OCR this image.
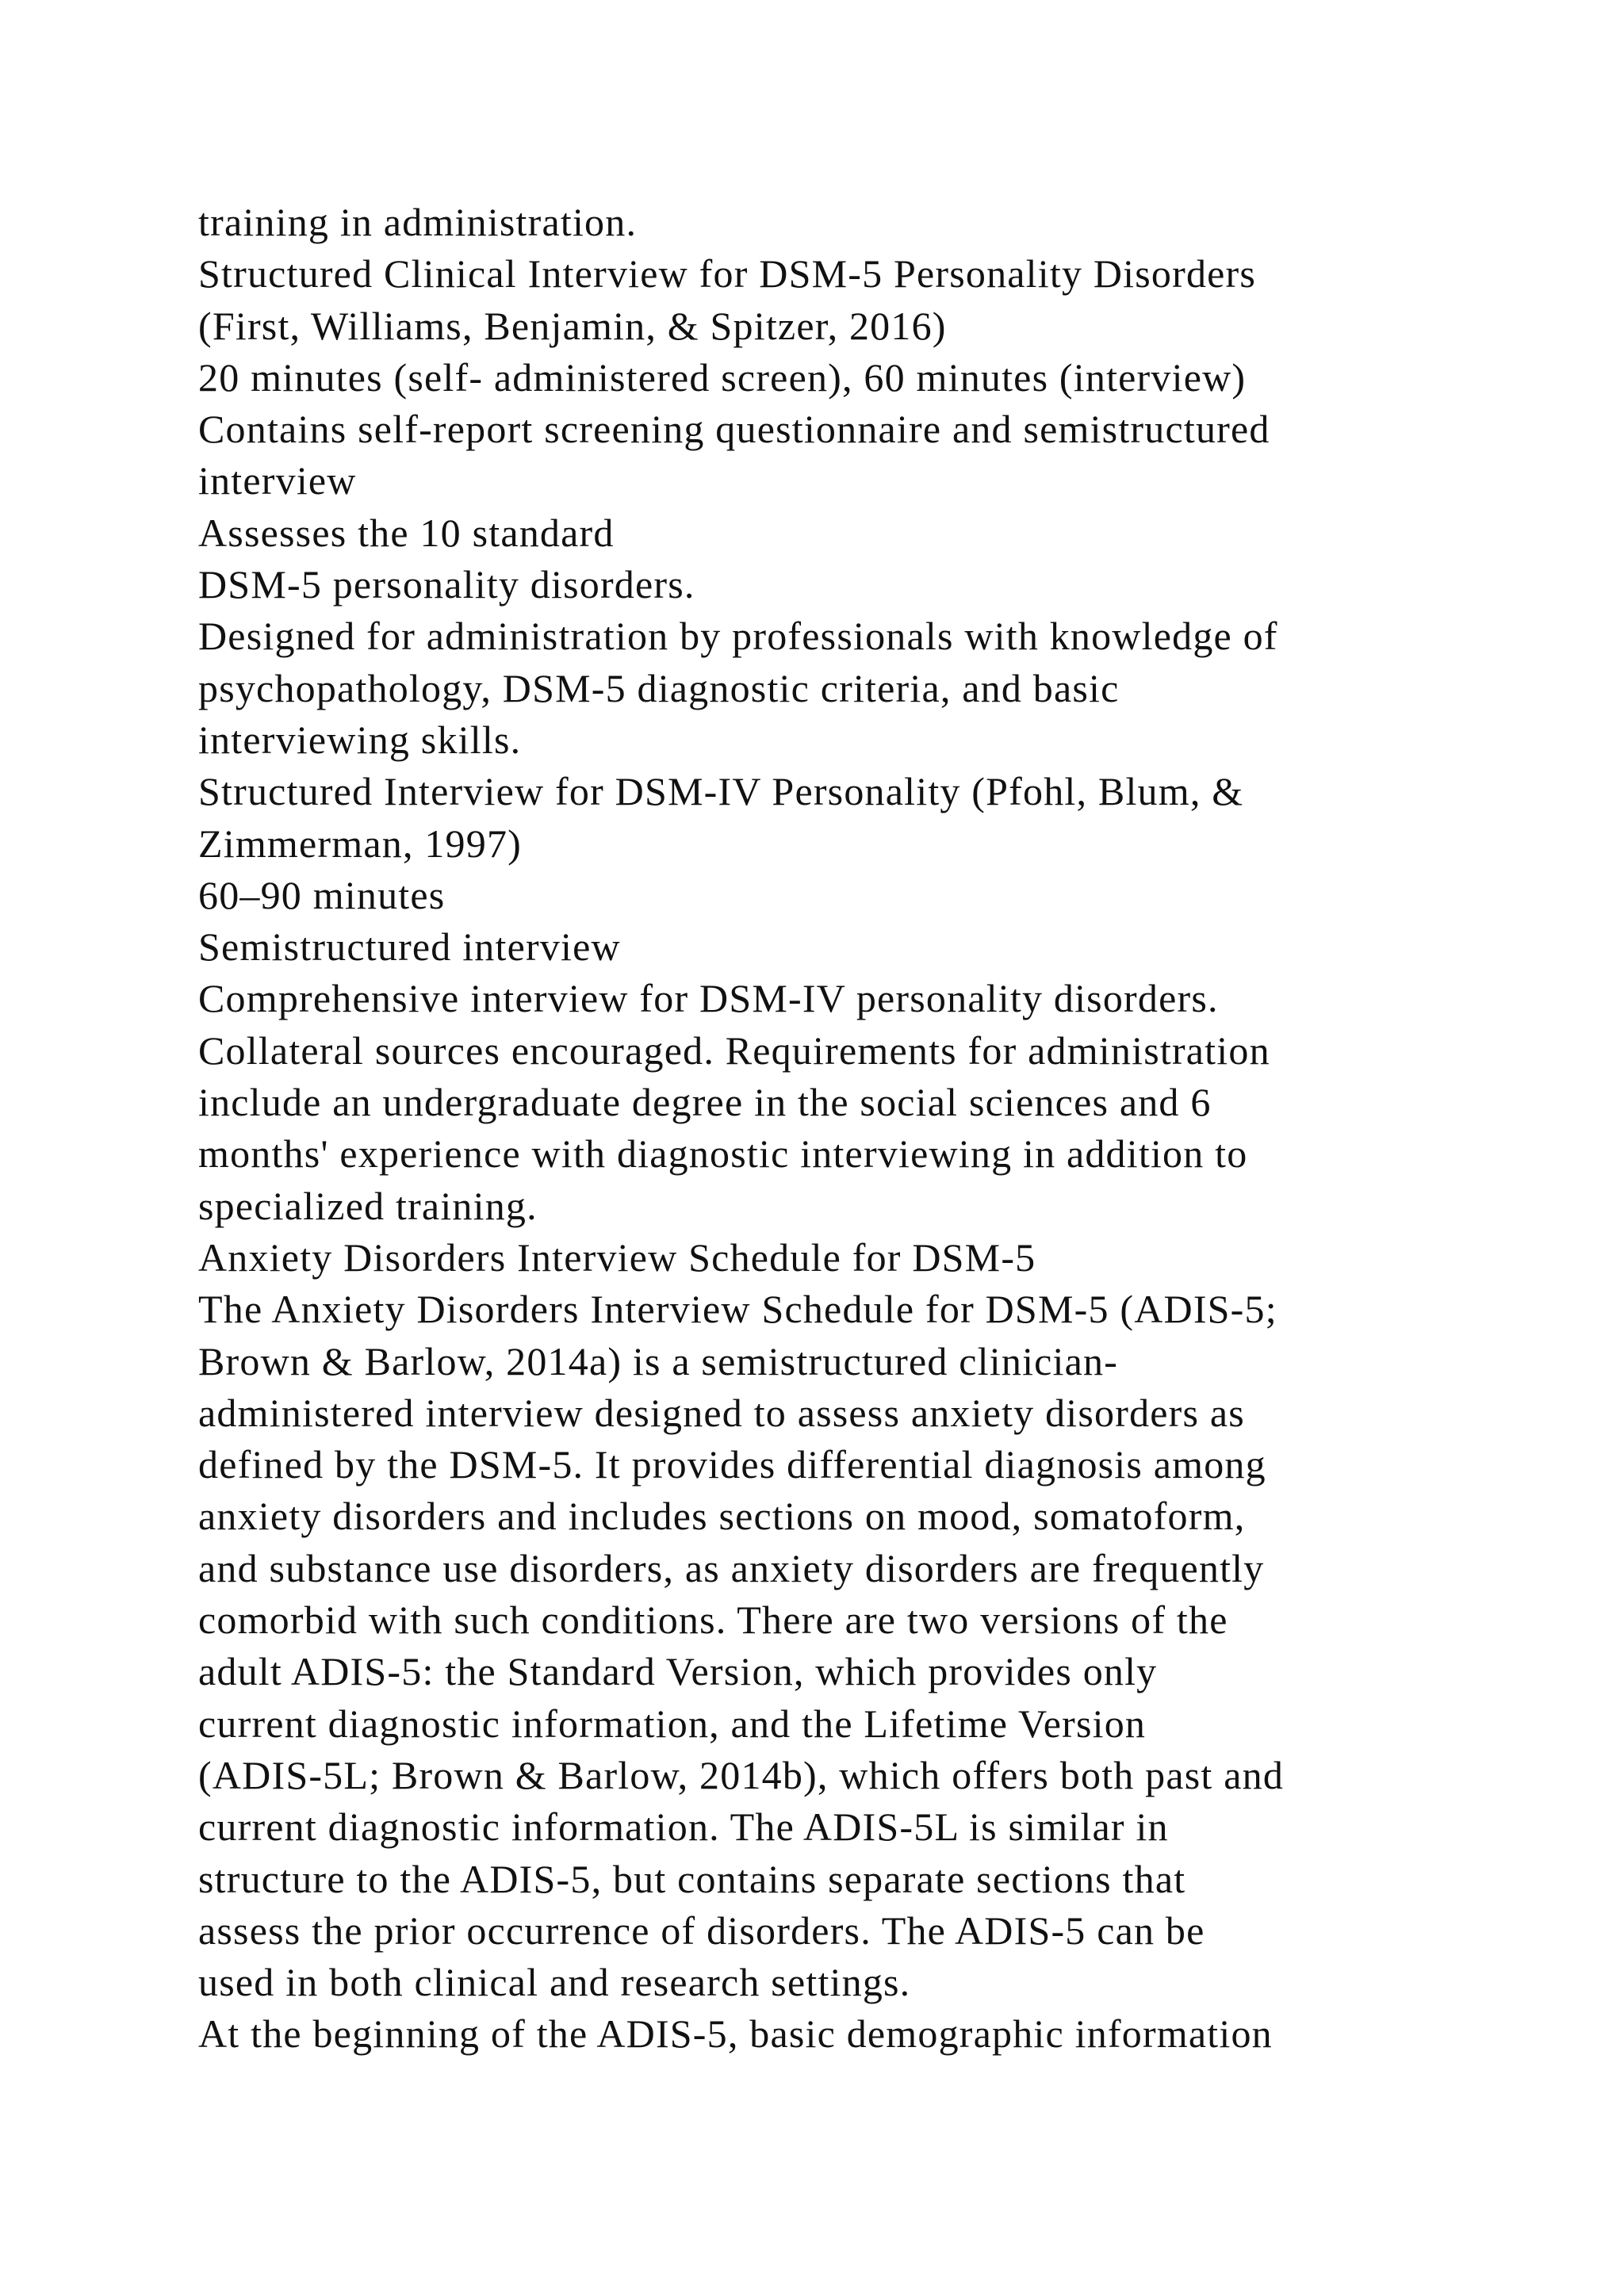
training in administration.
Structured Clinical Interview for DSM-5 Personality Disorders
(First, Williams, Benjamin, & Spitzer, 2016)
20 minutes (self- administered screen), 60 minutes (interview)
Contains self-report screening questionnaire and semistructured
interview
Assesses the 10 standard
DSM-5 personality disorders.
Designed for administration by professionals with knowledge of
psychopathology, DSM-5 diagnostic criteria, and basic
interviewing skills.
Structured Interview for DSM-IV Personality (Pfohl, Blum, &
Zimmerman, 1997)
60–90 minutes
Semistructured interview
Comprehensive interview for DSM-IV personality disorders.
Collateral sources encouraged. Requirements for administration
include an undergraduate degree in the social sciences and 6
months' experience with diagnostic interviewing in addition to
specialized training.
Anxiety Disorders Interview Schedule for DSM-5
The Anxiety Disorders Interview Schedule for DSM-5 (ADIS-5;
Brown & Barlow, 2014a) is a semistructured clinician-
administered interview designed to assess anxiety disorders as
defined by the DSM-5. It provides differential diagnosis among
anxiety disorders and includes sections on mood, somatoform,
and substance use disorders, as anxiety disorders are frequently
comorbid with such conditions. There are two versions of the
adult ADIS-5: the Standard Version, which provides only
current diagnostic information, and the Lifetime Version
(ADIS-5L; Brown & Barlow, 2014b), which offers both past and
current diagnostic information. The ADIS-5L is similar in
structure to the ADIS-5, but contains separate sections that
assess the prior occurrence of disorders. The ADIS-5 can be
used in both clinical and research settings.
At the beginning of the ADIS-5, basic demographic information
